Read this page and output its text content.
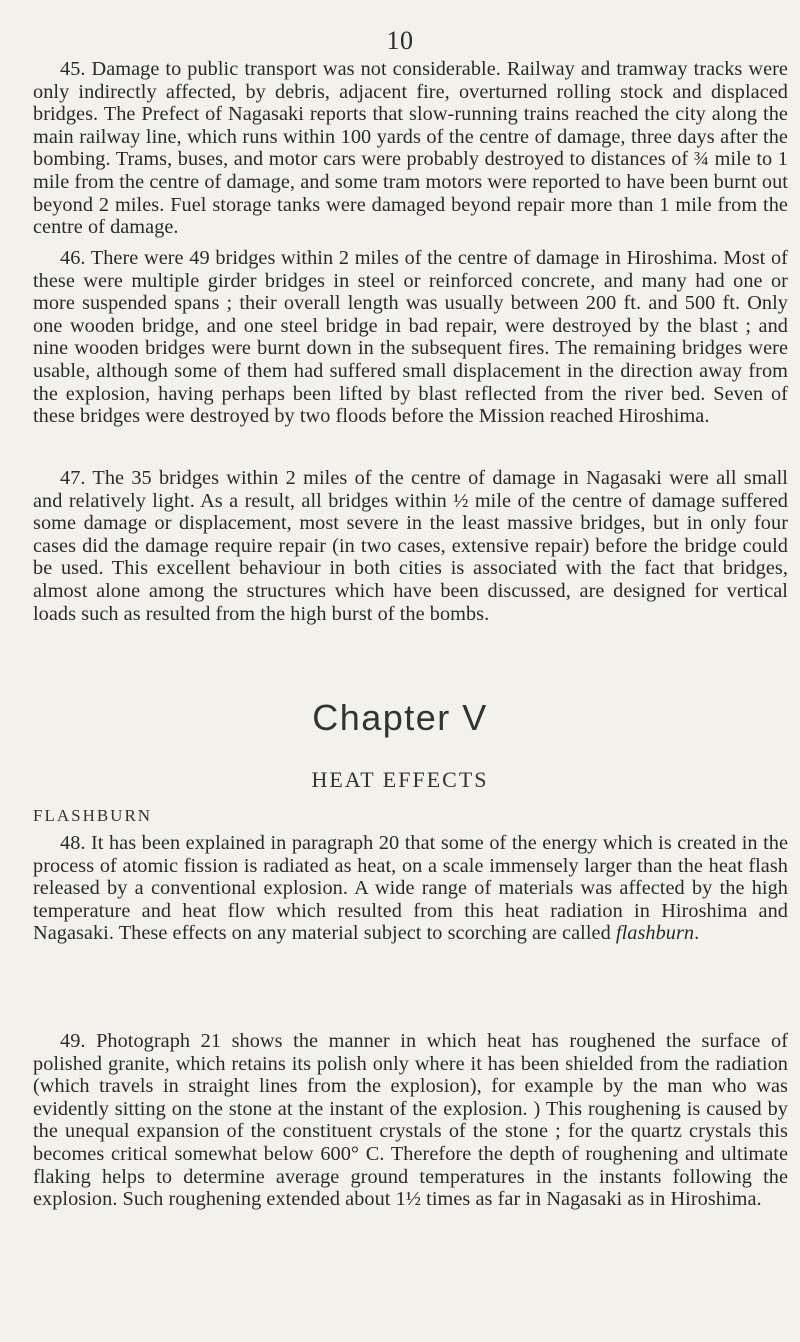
10

45. Damage to public transport was not considerable. Railway and tramway tracks were only indirectly affected, by debris, adjacent fire, overturned rolling stock and displaced bridges. The Prefect of Nagasaki reports that slow-running trains reached the city along the main railway line, which runs within 100 yards of the centre of damage, three days after the bombing. Trams, buses, and motor cars were probably destroyed to distances of ¾ mile to 1 mile from the centre of damage, and some tram motors were reported to have been burnt out beyond 2 miles. Fuel storage tanks were damaged beyond repair more than 1 mile from the centre of damage.

46. There were 49 bridges within 2 miles of the centre of damage in Hiroshima. Most of these were multiple girder bridges in steel or reinforced concrete, and many had one or more suspended spans ; their overall length was usually between 200 ft. and 500 ft. Only one wooden bridge, and one steel bridge in bad repair, were destroyed by the blast ; and nine wooden bridges were burnt down in the subsequent fires. The remaining bridges were usable, although some of them had suffered small displacement in the direction away from the explosion, having perhaps been lifted by blast reflected from the river bed. Seven of these bridges were destroyed by two floods before the Mission reached Hiroshima.

47. The 35 bridges within 2 miles of the centre of damage in Nagasaki were all small and relatively light. As a result, all bridges within ½ mile of the centre of damage suffered some damage or displacement, most severe in the least massive bridges, but in only four cases did the damage require repair (in two cases, extensive repair) before the bridge could be used. This excellent behaviour in both cities is associated with the fact that bridges, almost alone among the structures which have been discussed, are designed for vertical loads such as resulted from the high burst of the bombs.

Chapter V
HEAT EFFECTS
FLASHBURN

48. It has been explained in paragraph 20 that some of the energy which is created in the process of atomic fission is radiated as heat, on a scale immensely larger than the heat flash released by a conventional explosion. A wide range of materials was affected by the high temperature and heat flow which resulted from this heat radiation in Hiroshima and Nagasaki. These effects on any material subject to scorching are called flashburn.

49. Photograph 21 shows the manner in which heat has roughened the surface of polished granite, which retains its polish only where it has been shielded from the radiation (which travels in straight lines from the explosion), for example by the man who was evidently sitting on the stone at the instant of the explosion. ) This roughening is caused by the unequal expansion of the constituent crystals of the stone ; for the quartz crystals this becomes critical somewhat below 600° C. Therefore the depth of roughening and ultimate flaking helps to determine average ground temperatures in the instants following the explosion. Such roughening extended about 1½ times as far in Nagasaki as in Hiroshima.
